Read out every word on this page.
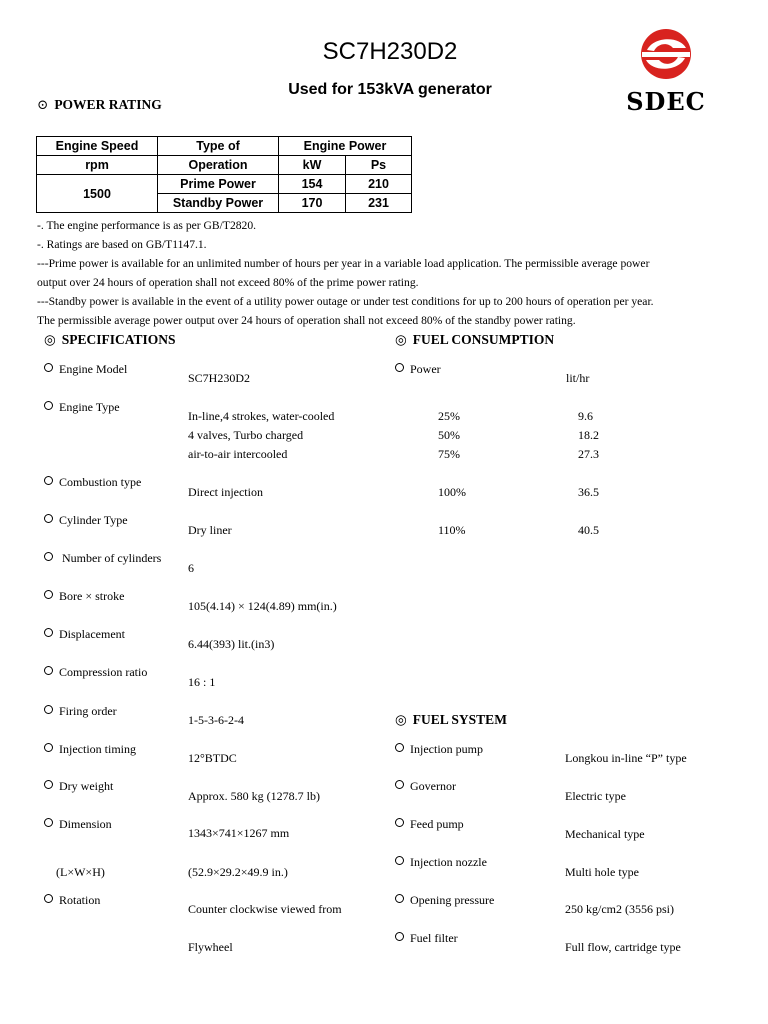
SC7H230D2
Used for 153kVA generator	SDEC
⊙ POWER RATING
Engine Speed	Type of	Engine Power	
rpm	Operation	kW	Ps
1500	Prime Power	154	210
	Standby Power	170	231
-. The engine performance is as per GB/T2820.
-. Ratings are based on GB/T1147.1.
---Prime power is available for an unlimited number of hours per year in a variable load application. The permissible average power
output over 24 hours of operation shall not exceed 80% of the prime power rating.
---Standby power is available in the event of a utility power outage or under test conditions for up to 200 hours of operation per year.
The permissible average power output over 24 hours of operation shall not exceed 80% of the standby power rating.
◎ SPECIFICATIONS	◎ FUEL CONSUMPTION
Engine Model
SC7H230D2
Engine Type
In-line,4 strokes, water-cooled
4 valves, Turbo charged
air-to-air intercooled
Combustion type
Direct injection
Cylinder Type
Dry liner
Number of cylinders
6
Bore × stroke
105(4.14) × 124(4.89) mm(in.)
Displacement
6.44(393) lit.(in3)
Compression ratio
16 : 1
Firing order
1-5-3-6-2-4
Injection timing
12°BTDC
Dry weight
Approx. 580 kg (1278.7 lb)
Dimension
1343×741×1267 mm
(L×W×H)	(52.9×29.2×49.9 in.)
Rotation
Counter clockwise viewed from
Flywheel
Power
lit/hr
25%	9.6
50%	18.2
75%	27.3
100%	36.5
110%	40.5
◎ FUEL SYSTEM
Injection pump
Longkou in-line “P” type
Governor
Electric type
Feed pump
Mechanical type
Injection nozzle
Multi hole type
Opening pressure
250 kg/cm2 (3556 psi)
Fuel filter
Full flow, cartridge type
